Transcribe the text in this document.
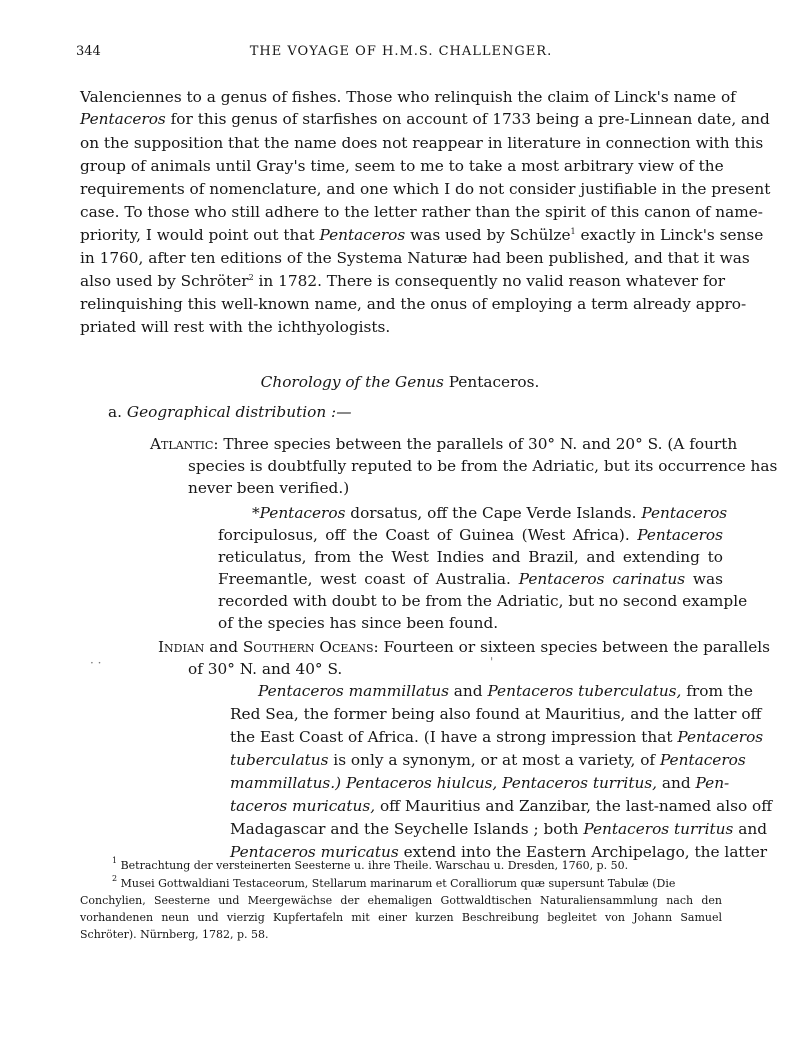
344	THE VOYAGE OF H.M.S. CHALLENGER.
Valenciennes to a genus of fishes. Those who relinquish the claim of Linck's name of
Pentaceros for this genus of starfishes on account of 1733 being a pre-Linnean date, and
on the supposition that the name does not reappear in literature in connection with this
group of animals until Gray's time, seem to me to take a most arbitrary view of the
requirements of nomenclature, and one which I do not consider justifiable in the present
case. To those who still adhere to the letter rather than the spirit of this canon of name-
priority, I would point out that Pentaceros was used by Schülze$^1$ exactly in Linck's sense
in 1760, after ten editions of the Systema Naturæ had been published, and that it was
also used by Schröter$^2$ in 1782. There is consequently no valid reason whatever for
relinquishing this well-known name, and the onus of employing a term already appro-
priated will rest with the ichthyologists.
Chorology of the Genus Pentaceros.
a. Geographical distribution :—
Atlantic: Three species between the parallels of 30° N. and 20° S. (A fourth
species is doubtfully reputed to be from the Adriatic, but its occurrence has
never been verified.)
*Pentaceros dorsatus, off the Cape Verde Islands. Pentaceros
forcipulosus, off the Coast of Guinea (West Africa). Pentaceros
reticulatus, from the West Indies and Brazil, and extending to
Freemantle, west coast of Australia. Pentaceros carinatus was
recorded with doubt to be from the Adriatic, but no second example
of the species has since been found.
Indian and Southern Oceans: Fourteen or sixteen species between the parallels
of 30° N. and 40° S.
· ·	'
Pentaceros mammillatus and Pentaceros tuberculatus, from the
Red Sea, the former being also found at Mauritius, and the latter off
the East Coast of Africa. (I have a strong impression that Pentaceros
tuberculatus is only a synonym, or at most a variety, of Pentaceros
mammillatus.) Pentaceros hiulcus, Pentaceros turritus, and Pen-
taceros muricatus, off Mauritius and Zanzibar, the last-named also off
Madagascar and the Seychelle Islands ; both Pentaceros turritus and
Pentaceros muricatus extend into the Eastern Archipelago, the latter
$^1$ Betrachtung der versteinerten Seesterne u. ihre Theile. Warschau u. Dresden, 1760, p. 50.
$^2$ Musei Gottwaldiani Testaceorum, Stellarum marinarum et Coralliorum quæ supersunt Tabulæ (Die
Conchylien, Seesterne und Meergewächse der ehemaligen Gottwaldtischen Naturaliensammlung nach den
vorhandenen neun und vierzig Kupfertafeln mit einer kurzen Beschreibung begleitet von Johann Samuel
Schröter). Nürnberg, 1782, p. 58.
